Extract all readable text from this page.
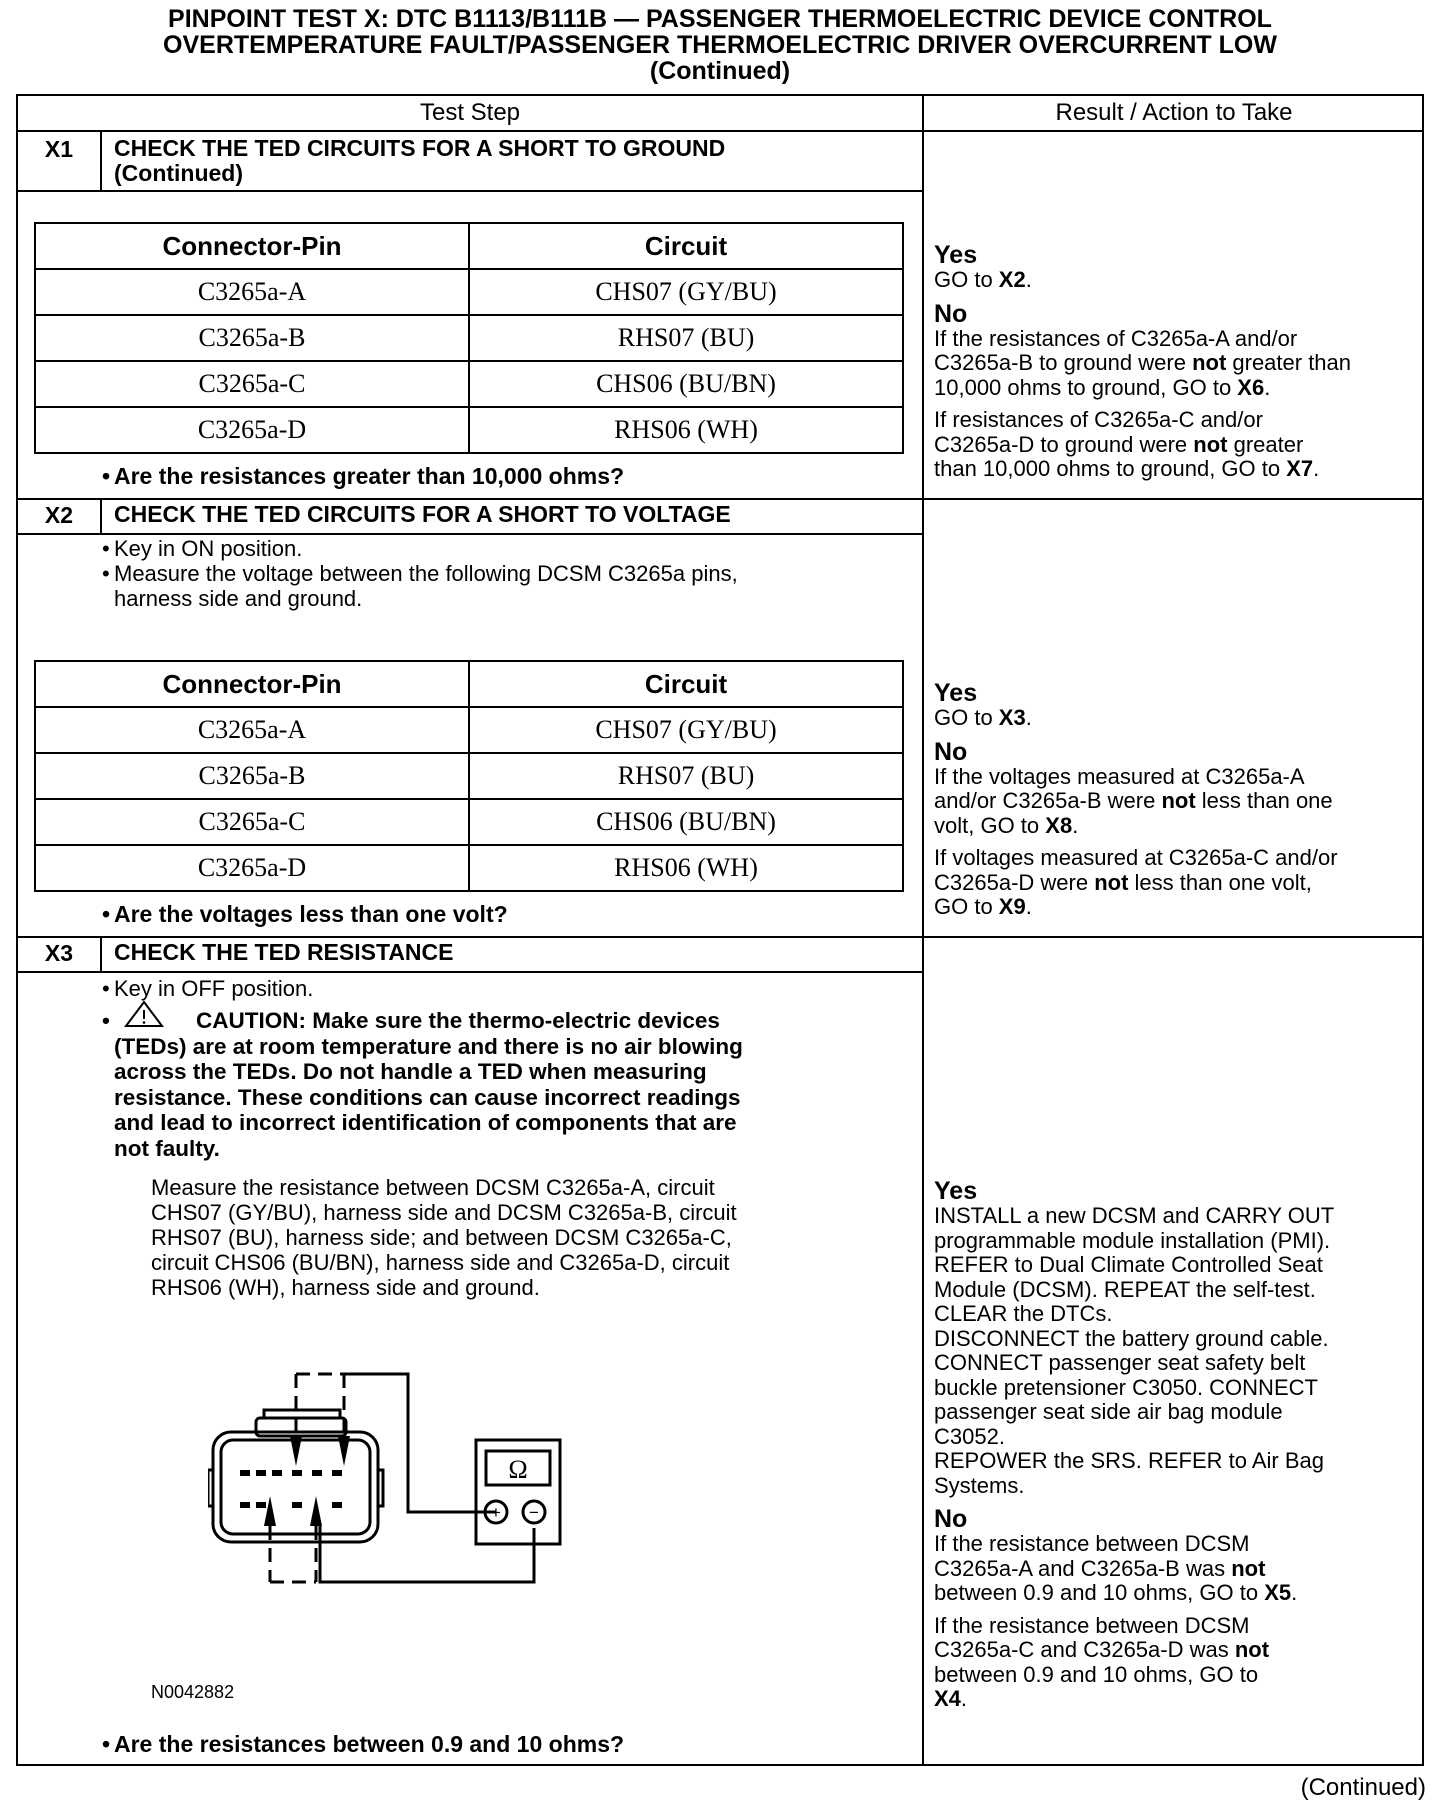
PINPOINT TEST X: DTC B1113/B111B — PASSENGER THERMOELECTRIC DEVICE CONTROL
OVERTEMPERATURE FAULT/PASSENGER THERMOELECTRIC DRIVER OVERCURRENT LOW
(Continued)
Test Step	Result / Action to Take
X1	CHECK THE TED CIRCUITS FOR A SHORT TO GROUND
(Continued)
Connector-Pin	Circuit
C3265a-A	CHS07 (GY/BU)
C3265a-B	RHS07 (BU)
C3265a-C	CHS06 (BU/BN)
C3265a-D	RHS06 (WH)
• Are the resistances greater than 10,000 ohms?
Yes

GO to X2.

No

If the resistances of C3265a-A and/or
C3265a-B to ground were not greater than
10,000 ohms to ground, GO to X6.

If resistances of C3265a-C and/or
C3265a-D to ground were not greater
than 10,000 ohms to ground, GO to X7.

X2	CHECK THE TED CIRCUITS FOR A SHORT TO VOLTAGE
• Key in ON position.
• Measure the voltage between the following DCSM C3265a pins,
harness side and ground.
Connector-Pin	Circuit
C3265a-A	CHS07 (GY/BU)
C3265a-B	RHS07 (BU)
C3265a-C	CHS06 (BU/BN)
C3265a-D	RHS06 (WH)
• Are the voltages less than one volt?
Yes

GO to X3.

No

If the voltages measured at C3265a-A
and/or C3265a-B were not less than one
volt, GO to X8.

If voltages measured at C3265a-C and/or
C3265a-D were not less than one volt,
GO to X9.

X3	CHECK THE TED RESISTANCE
• Key in OFF position.
•	CAUTION: Make sure the thermo-electric devices
(TEDs) are at room temperature and there is no air blowing
across the TEDs. Do not handle a TED when measuring
resistance. These conditions can cause incorrect readings
and lead to incorrect identification of components that are
not faulty.
Measure the resistance between DCSM C3265a-A, circuit
CHS07 (GY/BU), harness side and DCSM C3265a-B, circuit
RHS07 (BU), harness side; and between DCSM C3265a-C,
circuit CHS06 (BU/BN), harness side and C3265a-D, circuit
RHS06 (WH), harness side and ground.
Ω
+ −
N0042882
• Are the resistances between 0.9 and 10 ohms?
Yes
INSTALL a new DCSM and CARRY OUT
programmable module installation (PMI).
REFER to Dual Climate Controlled Seat
Module (DCSM). REPEAT the self-test.
CLEAR the DTCs.
DISCONNECT the battery ground cable.
CONNECT passenger seat safety belt
buckle pretensioner C3050. CONNECT
passenger seat side air bag module
C3052.
REPOWER the SRS. REFER to Air Bag
Systems.
No

If the resistance between DCSM
C3265a-A and C3265a-B was not
between 0.9 and 10 ohms, GO to X5.

If the resistance between DCSM
C3265a-C and C3265a-D was not
between 0.9 and 10 ohms, GO to
X4.

(Continued)
